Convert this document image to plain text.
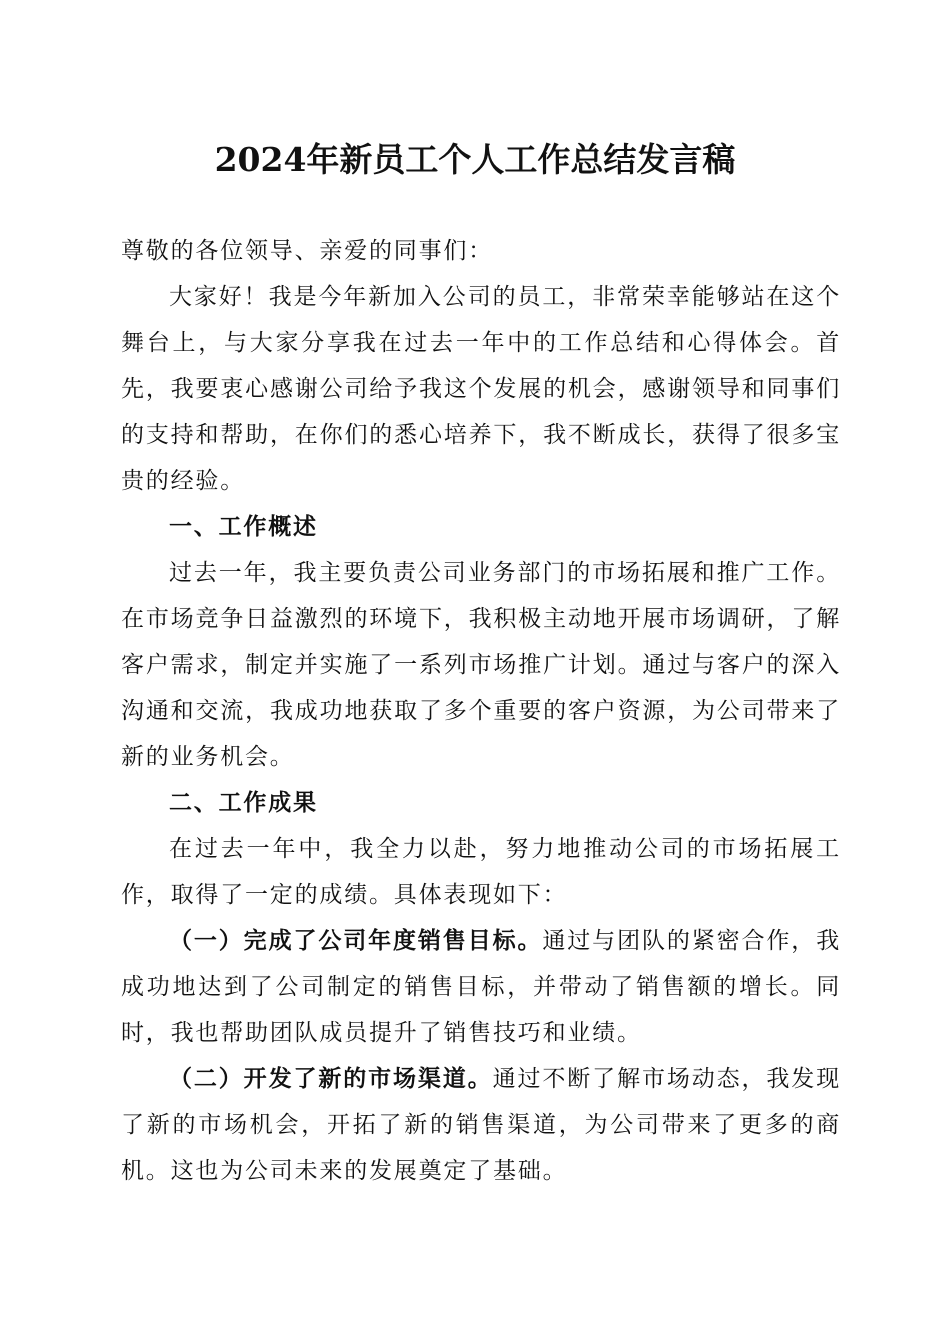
2024年新员工个人工作总结发言稿

尊敬的各位领导、亲爱的同事们：

大家好！我是今年新加入公司的员工，非常荣幸能够站在这个舞台上，与大家分享我在过去一年中的工作总结和心得体会。首先，我要衷心感谢公司给予我这个发展的机会，感谢领导和同事们的支持和帮助，在你们的悉心培养下，我不断成长，获得了很多宝贵的经验。

一、工作概述

过去一年，我主要负责公司业务部门的市场拓展和推广工作。在市场竞争日益激烈的环境下，我积极主动地开展市场调研，了解客户需求，制定并实施了一系列市场推广计划。通过与客户的深入沟通和交流，我成功地获取了多个重要的客户资源，为公司带来了新的业务机会。

二、工作成果

在过去一年中，我全力以赴，努力地推动公司的市场拓展工作，取得了一定的成绩。具体表现如下：

（一）完成了公司年度销售目标。通过与团队的紧密合作，我成功地达到了公司制定的销售目标，并带动了销售额的增长。同时，我也帮助团队成员提升了销售技巧和业绩。

（二）开发了新的市场渠道。通过不断了解市场动态，我发现了新的市场机会，开拓了新的销售渠道，为公司带来了更多的商机。这也为公司未来的发展奠定了基础。
